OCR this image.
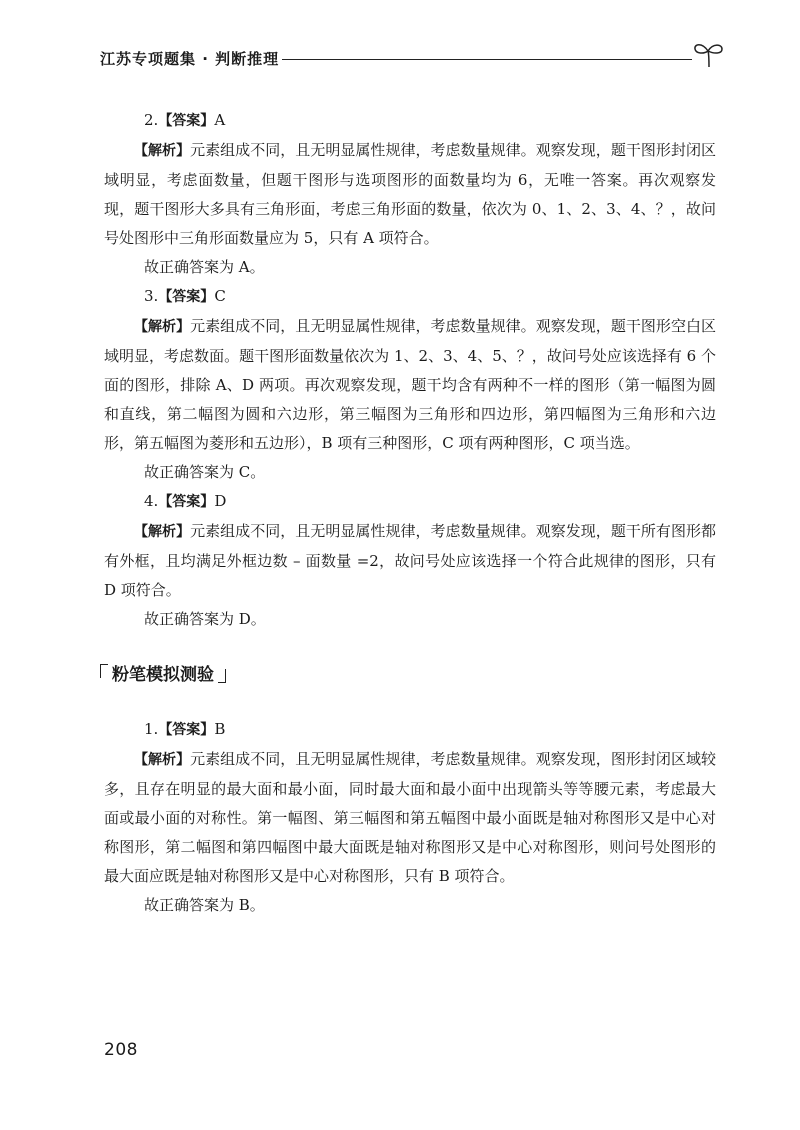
江苏专项题集 · 判断推理
2.【答案】A

【解析】元素组成不同，且无明显属性规律，考虑数量规律。观察发现，题干图形封闭区域明显，考虑面数量，但题干图形与选项图形的面数量均为 6，无唯一答案。再次观察发现，题干图形大多具有三角形面，考虑三角形面的数量，依次为 0、1、2、3、4、？，故问号处图形中三角形面数量应为 5，只有 A 项符合。

故正确答案为 A。
3.【答案】C

【解析】元素组成不同，且无明显属性规律，考虑数量规律。观察发现，题干图形空白区域明显，考虑数面。题干图形面数量依次为 1、2、3、4、5、？，故问号处应该选择有 6 个面的图形，排除 A、D 两项。再次观察发现，题干均含有两种不一样的图形（第一幅图为圆和直线，第二幅图为圆和六边形，第三幅图为三角形和四边形，第四幅图为三角形和六边形，第五幅图为菱形和五边形），B 项有三种图形，C 项有两种图形，C 项当选。

故正确答案为 C。
4.【答案】D

【解析】元素组成不同，且无明显属性规律，考虑数量规律。观察发现，题干所有图形都有外框，且均满足外框边数 – 面数量 =2，故问号处应该选择一个符合此规律的图形，只有 D 项符合。

故正确答案为 D。
粉笔模拟测验
1.【答案】B

【解析】元素组成不同，且无明显属性规律，考虑数量规律。观察发现，图形封闭区域较多，且存在明显的最大面和最小面，同时最大面和最小面中出现箭头等等腰元素，考虑最大面或最小面的对称性。第一幅图、第三幅图和第五幅图中最小面既是轴对称图形又是中心对称图形，第二幅图和第四幅图中最大面既是轴对称图形又是中心对称图形，则问号处图形的最大面应既是轴对称图形又是中心对称图形，只有 B 项符合。

故正确答案为 B。
208
